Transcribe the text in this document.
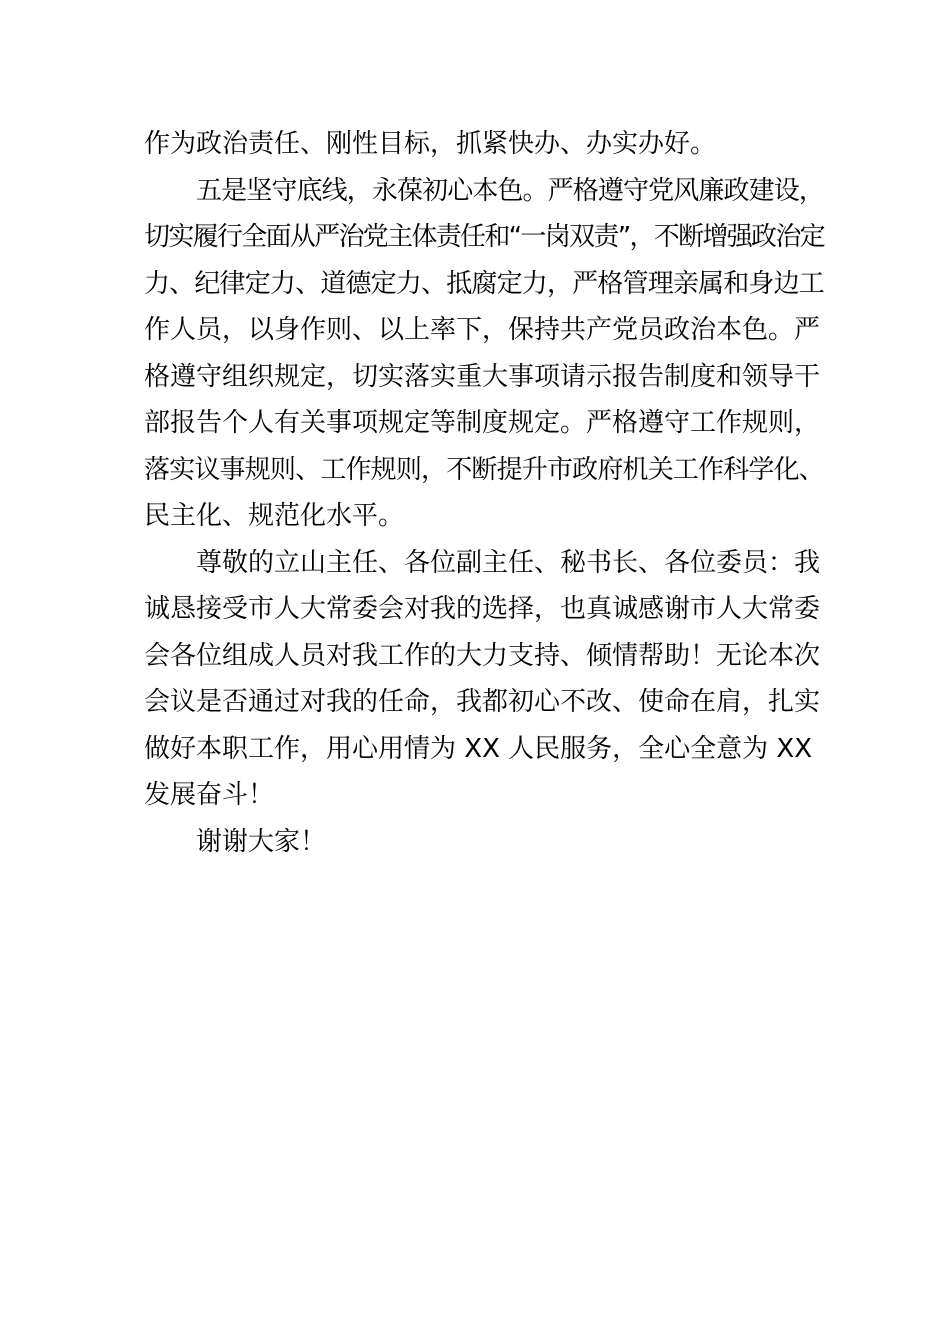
作为政治责任、刚性目标，抓紧快办、办实办好。
五是坚守底线，永葆初心本色。严格遵守党风廉政建设，
切实履行全面从严治党主体责任和“一岗双责”，不断增强政治定
力、纪律定力、道德定力、抵腐定力，严格管理亲属和身边工
作人员，以身作则、以上率下，保持共产党员政治本色。严
格遵守组织规定，切实落实重大事项请示报告制度和领导干
部报告个人有关事项规定等制度规定。严格遵守工作规则，
落实议事规则、工作规则，不断提升市政府机关工作科学化、
民主化、规范化水平。
尊敬的立山主任、各位副主任、秘书长、各位委员：我
诚恳接受市人大常委会对我的选择，也真诚感谢市人大常委
会各位组成人员对我工作的大力支持、倾情帮助！无论本次
会议是否通过对我的任命，我都初心不改、使命在肩，扎实
做好本职工作，用心用情为 XX 人民服务，全心全意为 XX
发展奋斗！
谢谢大家！
